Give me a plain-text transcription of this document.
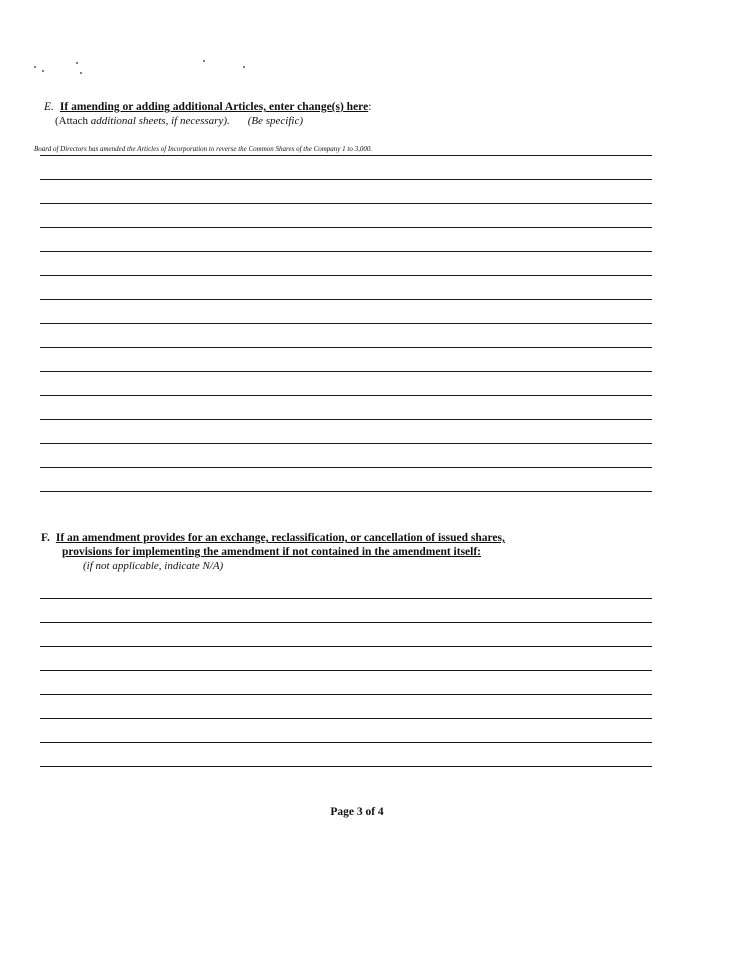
E. If amending or adding additional Articles, enter change(s) here:
(Attach additional sheets, if necessary). (Be specific)
Board of Directors has amended the Articles of Incorporation to reverse the Common Shares of the Company 1 to 3,000.
F. If an amendment provides for an exchange, reclassification, or cancellation of issued shares,
provisions for implementing the amendment if not contained in the amendment itself:
(if not applicable, indicate N/A)
Page 3 of 4
